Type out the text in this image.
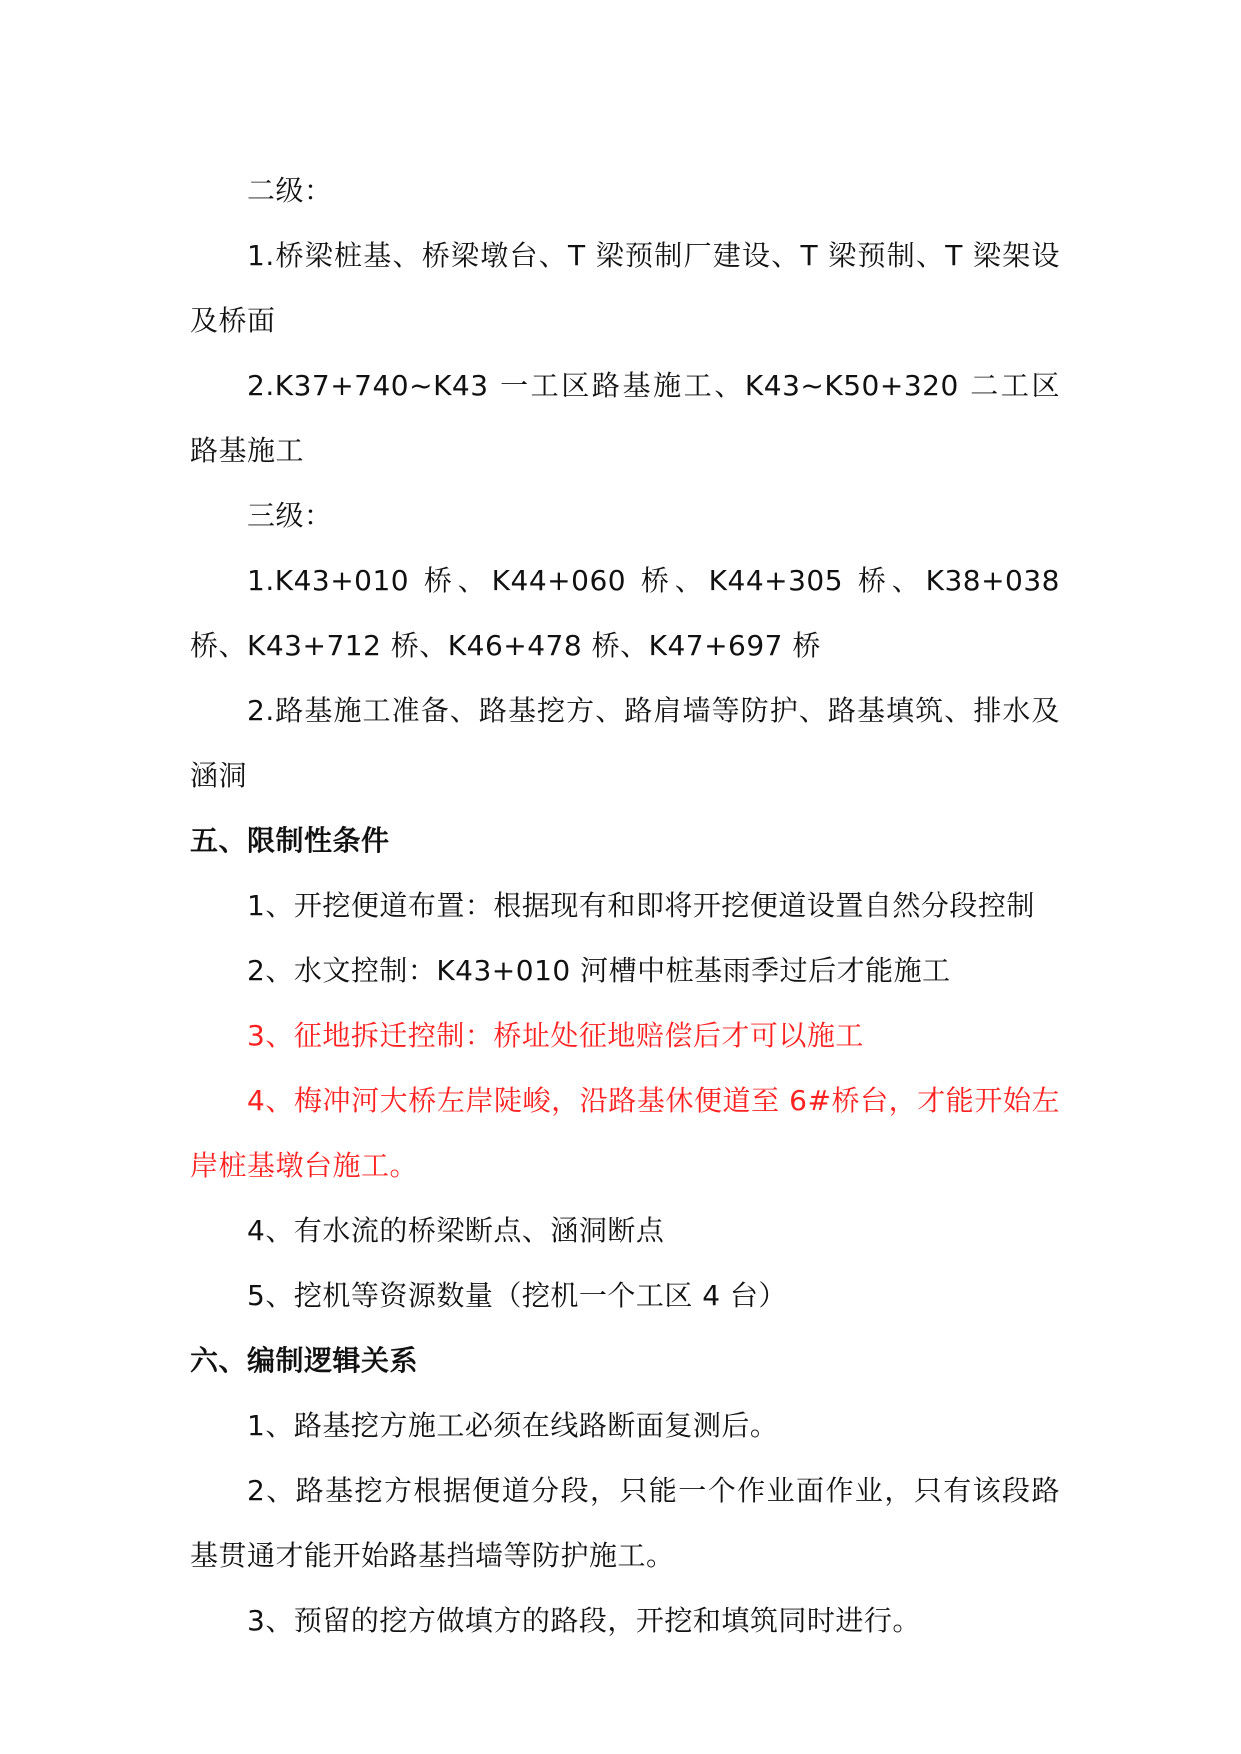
二级：

1.桥梁桩基、桥梁墩台、T 梁预制厂建设、T 梁预制、T 梁架设及桥面

2.K37+740~K43 一工区路基施工、K43~K50+320 二工区路基施工

三级：

1.K43+010 桥、K44+060 桥、K44+305 桥、K38+038 桥、K43+712 桥、K46+478 桥、K47+697 桥

2.路基施工准备、路基挖方、路肩墙等防护、路基填筑、排水及涵洞

五、限制性条件

1、开挖便道布置：根据现有和即将开挖便道设置自然分段控制

2、水文控制：K43+010 河槽中桩基雨季过后才能施工

3、征地拆迁控制：桥址处征地赔偿后才可以施工

4、梅冲河大桥左岸陡峻，沿路基休便道至 6#桥台，才能开始左岸桩基墩台施工。

4、有水流的桥梁断点、涵洞断点

5、挖机等资源数量（挖机一个工区 4 台）

六、编制逻辑关系

1、路基挖方施工必须在线路断面复测后。

2、路基挖方根据便道分段，只能一个作业面作业，只有该段路基贯通才能开始路基挡墙等防护施工。

3、预留的挖方做填方的路段，开挖和填筑同时进行。
